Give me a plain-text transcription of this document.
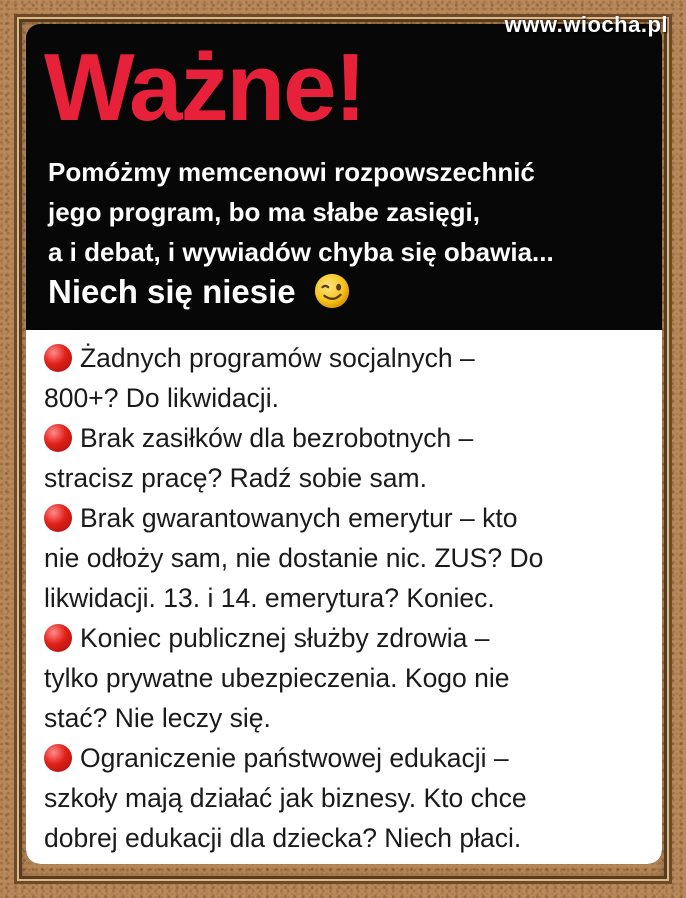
Ważne!
Pomóżmy memcenowi rozpowszechnić
jego program, bo ma słabe zasięgi,
a i debat, i wywiadów chyba się obawia...
Niech się niesie
Żadnych programów socjalnych –
800+? Do likwidacji.
Brak zasiłków dla bezrobotnych –
stracisz pracę? Radź sobie sam.
Brak gwarantowanych emerytur – kto
nie odłoży sam, nie dostanie nic. ZUS? Do
likwidacji. 13. i 14. emerytura? Koniec.
Koniec publicznej służby zdrowia –
tylko prywatne ubezpieczenia. Kogo nie
stać? Nie leczy się.
Ograniczenie państwowej edukacji –
szkoły mają działać jak biznesy. Kto chce
dobrej edukacji dla dziecka? Niech płaci.
www.wiocha.pl
